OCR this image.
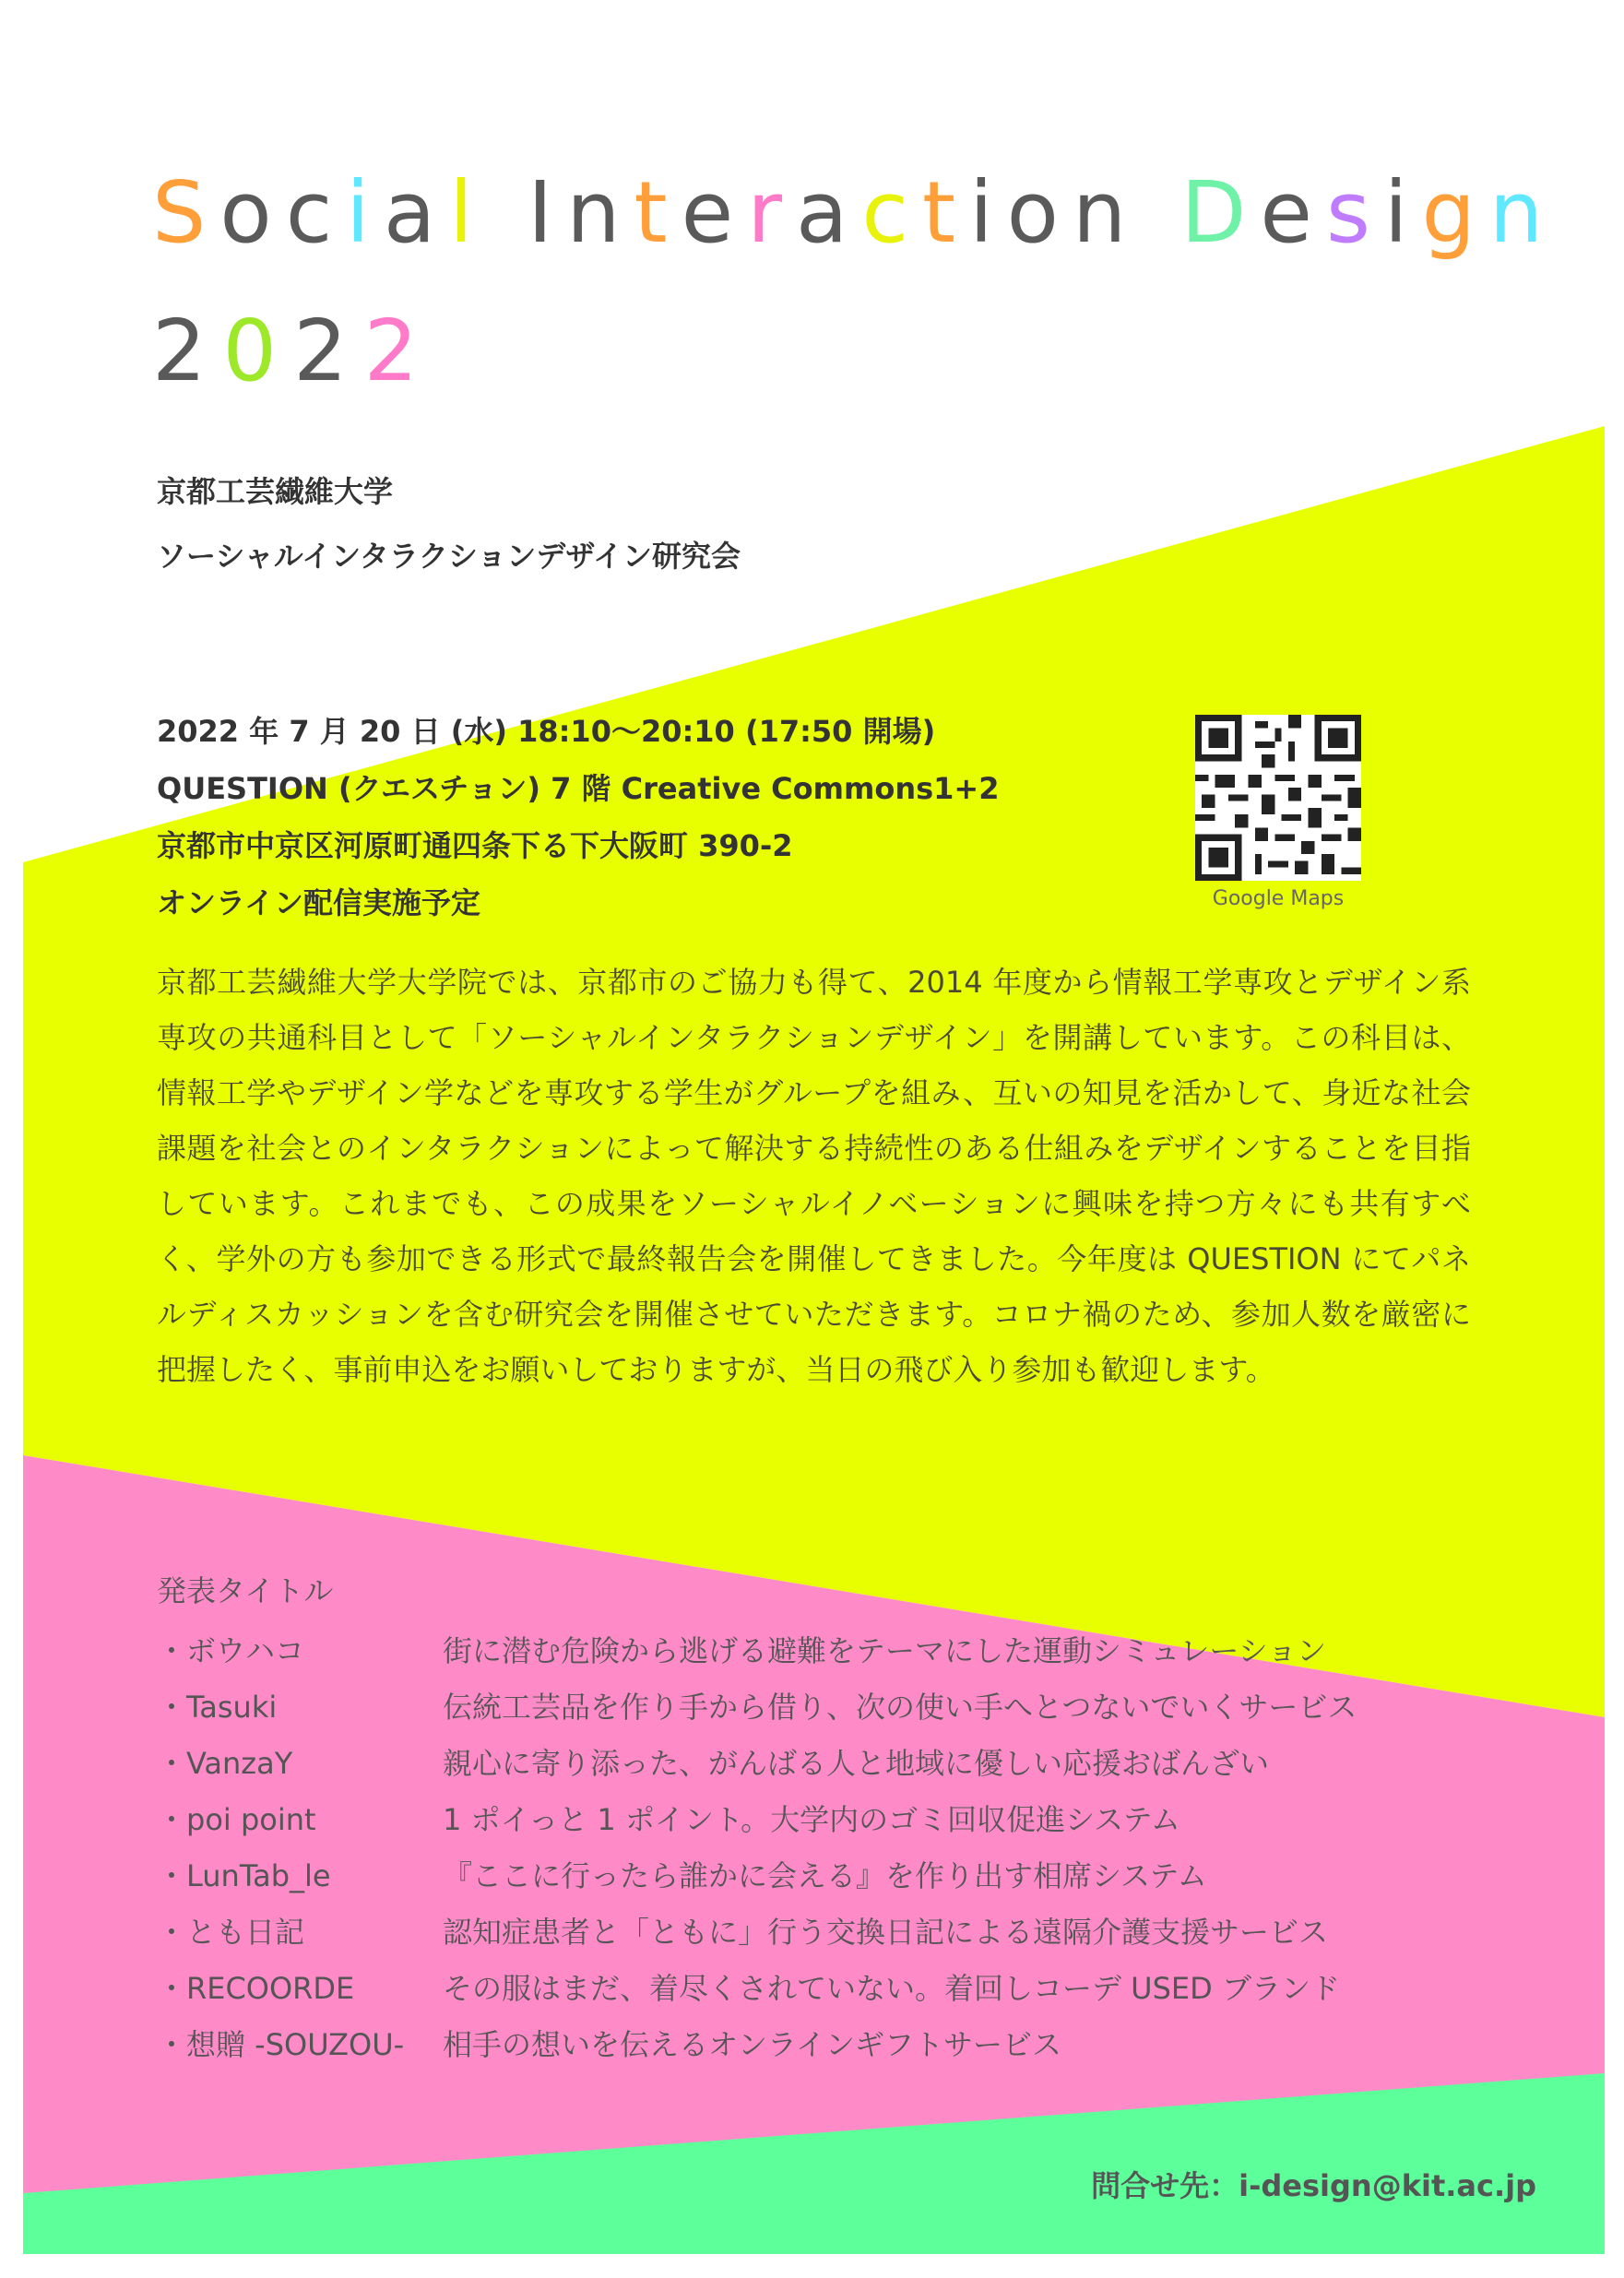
Social Interaction Design
2022
京都工芸繊維大学
ソーシャルインタラクションデザイン研究会
2022 年 7 月 20 日 (水) 18:10～20:10 (17:50 開場)
QUESTION (クエスチョン) 7 階 Creative Commons1+2
京都市中京区河原町通四条下る下大阪町 390-2
オンライン配信実施予定	Google Maps
京都工芸繊維大学大学院では、京都市のご協力も得て、2014 年度から情報工学専攻とデザイン系専攻の共通科目として「ソーシャルインタラクションデザイン」を開講しています。この科目は、情報工学やデザイン学などを専攻する学生がグループを組み、互いの知見を活かして、身近な社会課題を社会とのインタラクションによって解決する持続性のある仕組みをデザインすることを目指しています。これまでも、この成果をソーシャルイノベーションに興味を持つ方々にも共有すべく、学外の方も参加できる形式で最終報告会を開催してきました。今年度は QUESTION にてパネルディスカッションを含む研究会を開催させていただきます。コロナ禍のため、参加人数を厳密に把握したく、事前申込をお願いしておりますが、当日の飛び入り参加も歓迎します。
発表タイトル
・ボウハコ	街に潜む危険から逃げる避難をテーマにした運動シミュレーション
・Tasuki	伝統工芸品を作り手から借り、次の使い手へとつないでいくサービス
・VanzaY	親心に寄り添った、がんばる人と地域に優しい応援おばんざい
・poi point	1 ポイっと 1 ポイント。大学内のゴミ回収促進システム
・LunTab_le	『ここに行ったら誰かに会える』を作り出す相席システム
・とも日記	認知症患者と「ともに」行う交換日記による遠隔介護支援サービス
・RECOORDE	その服はまだ、着尽くされていない。着回しコーデ USED ブランド
・想贈 -SOUZOU-	相手の想いを伝えるオンラインギフトサービス
問合せ先：i-design@kit.ac.jp
